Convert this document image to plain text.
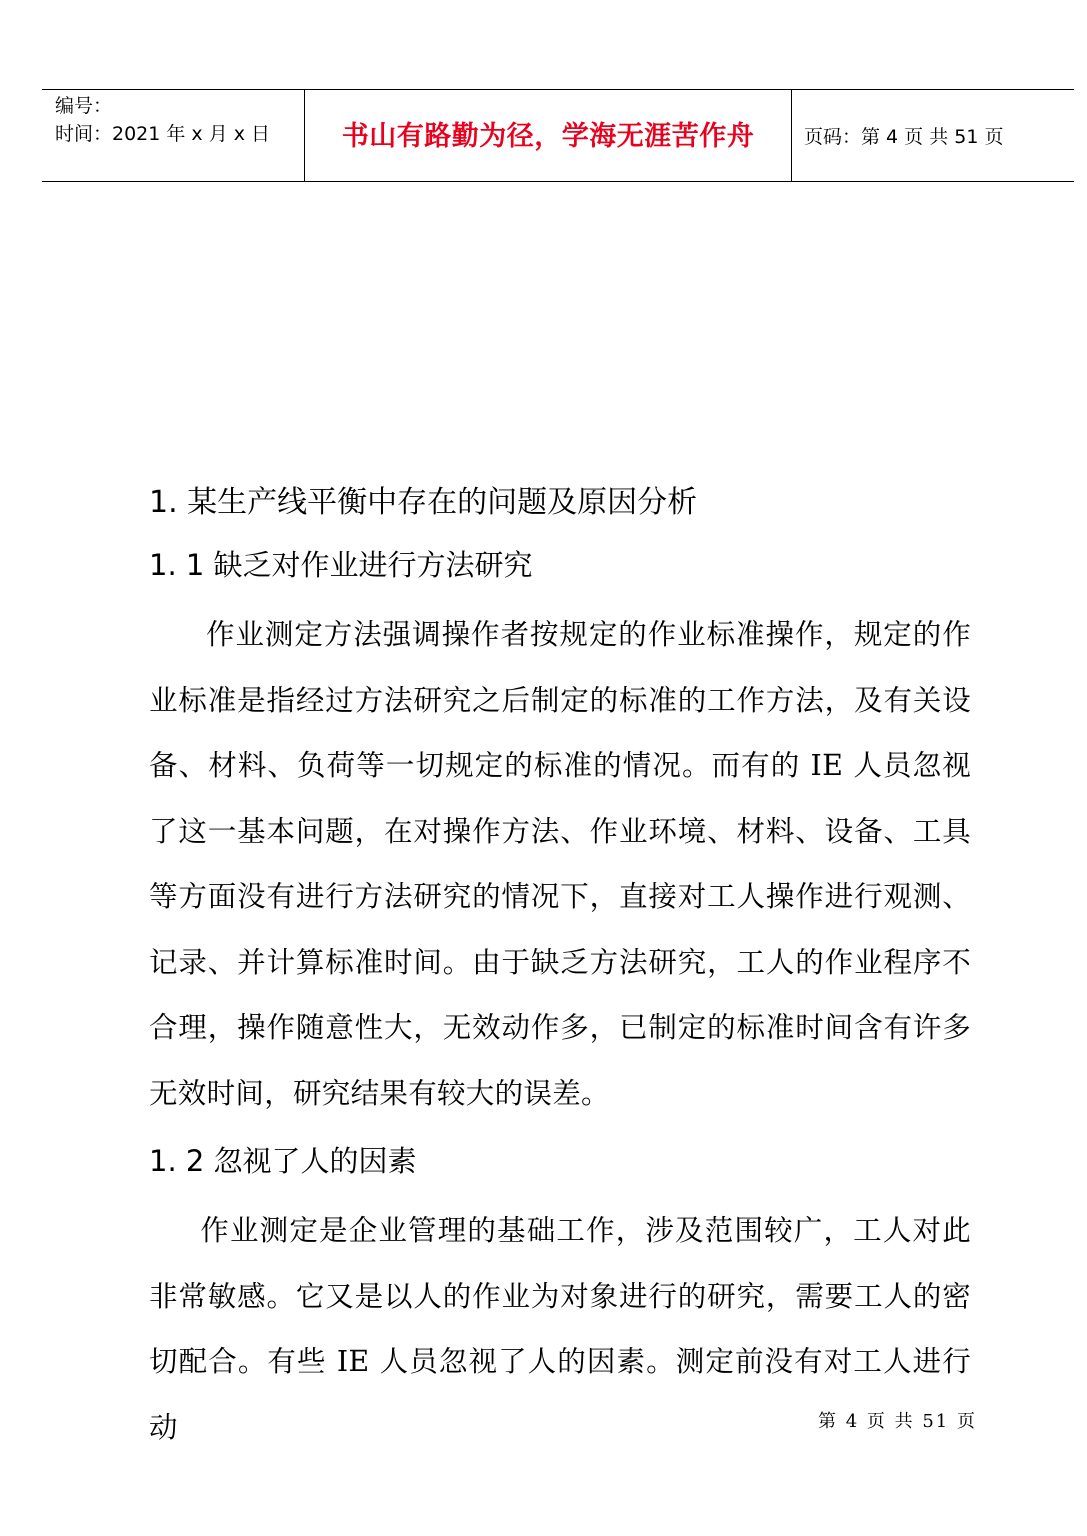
编号：
时间：2021 年 x 月 x 日	书山有路勤为径，学海无涯苦作舟	页码：第 4 页 共 51 页
1. 某生产线平衡中存在的问题及原因分析
1. 1 缺乏对作业进行方法研究

作业测定方法强调操作者按规定的作业标准操作，规定的作业标准是指经过方法研究之后制定的标准的工作方法，及有关设备、材料、负荷等一切规定的标准的情况。而有的 IE 人员忽视了这一基本问题，在对操作方法、作业环境、材料、设备、工具等方面没有进行方法研究的情况下，直接对工人操作进行观测、记录、并计算标准时间。由于缺乏方法研究，工人的作业程序不合理，操作随意性大，无效动作多，已制定的标准时间含有许多无效时间，研究结果有较大的误差。

1. 2 忽视了人的因素

作业测定是企业管理的基础工作，涉及范围较广，工人对此非常敏感。它又是以人的作业为对象进行的研究，需要工人的密切配合。有些 IE 人员忽视了人的因素。测定前没有对工人进行动	第 4 页 共 51 页
